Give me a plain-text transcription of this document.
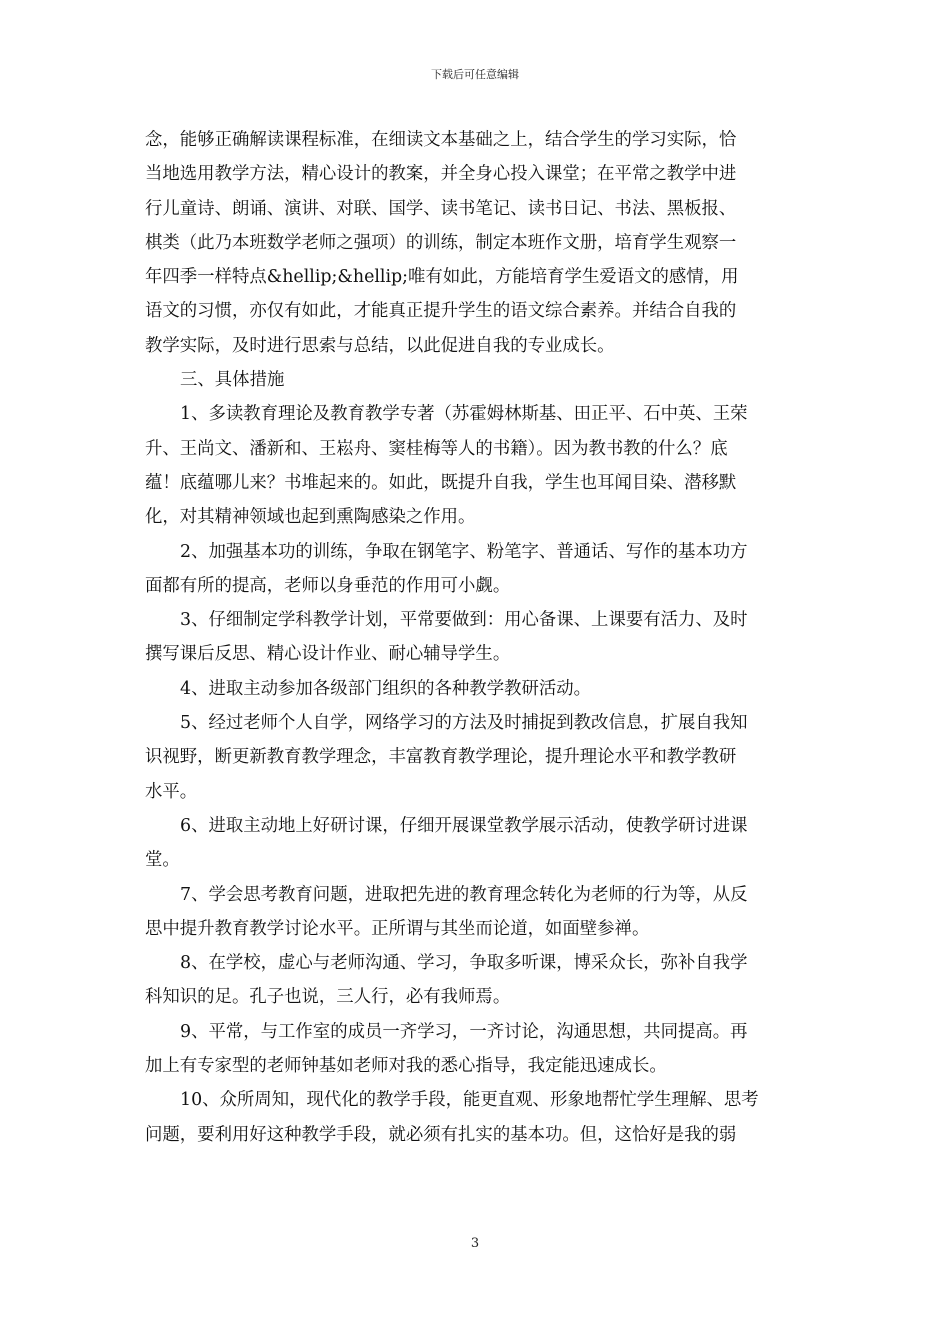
下载后可任意编辑
念，能够正确解读课程标准，在细读文本基础之上，结合学生的学习实际，恰
当地选用教学方法，精心设计的教案，并全身心投入课堂；在平常之教学中进
行儿童诗、朗诵、演讲、对联、国学、读书笔记、读书日记、书法、黑板报、
棋类（此乃本班数学老师之强项）的训练，制定本班作文册，培育学生观察一
年四季一样特点&hellip;&hellip;唯有如此，方能培育学生爱语文的感情，用
语文的习惯，亦仅有如此，才能真正提升学生的语文综合素养。并结合自我的
教学实际，及时进行思索与总结，以此促进自我的专业成长。
三、具体措施
1、多读教育理论及教育教学专著（苏霍姆林斯基、田正平、石中英、王荣
升、王尚文、潘新和、王崧舟、窦桂梅等人的书籍）。因为教书教的什么？底
蕴！底蕴哪儿来？书堆起来的。如此，既提升自我，学生也耳闻目染、潜移默
化，对其精神领域也起到熏陶感染之作用。
2、加强基本功的训练，争取在钢笔字、粉笔字、普通话、写作的基本功方
面都有所的提高，老师以身垂范的作用可小觑。
3、仔细制定学科教学计划，平常要做到：用心备课、上课要有活力、及时
撰写课后反思、精心设计作业、耐心辅导学生。
4、进取主动参加各级部门组织的各种教学教研活动。
5、经过老师个人自学，网络学习的方法及时捕捉到教改信息，扩展自我知
识视野，断更新教育教学理念，丰富教育教学理论，提升理论水平和教学教研
水平。
6、进取主动地上好研讨课，仔细开展课堂教学展示活动，使教学研讨进课
堂。
7、学会思考教育问题，进取把先进的教育理念转化为老师的行为等，从反
思中提升教育教学讨论水平。正所谓与其坐而论道，如面壁参禅。
8、在学校，虚心与老师沟通、学习，争取多听课，博采众长，弥补自我学
科知识的足。孔子也说，三人行，必有我师焉。
9、平常，与工作室的成员一齐学习，一齐讨论，沟通思想，共同提高。再
加上有专家型的老师钟基如老师对我的悉心指导，我定能迅速成长。
10、众所周知，现代化的教学手段，能更直观、形象地帮忙学生理解、思考
问题，要利用好这种教学手段，就必须有扎实的基本功。但，这恰好是我的弱
3
